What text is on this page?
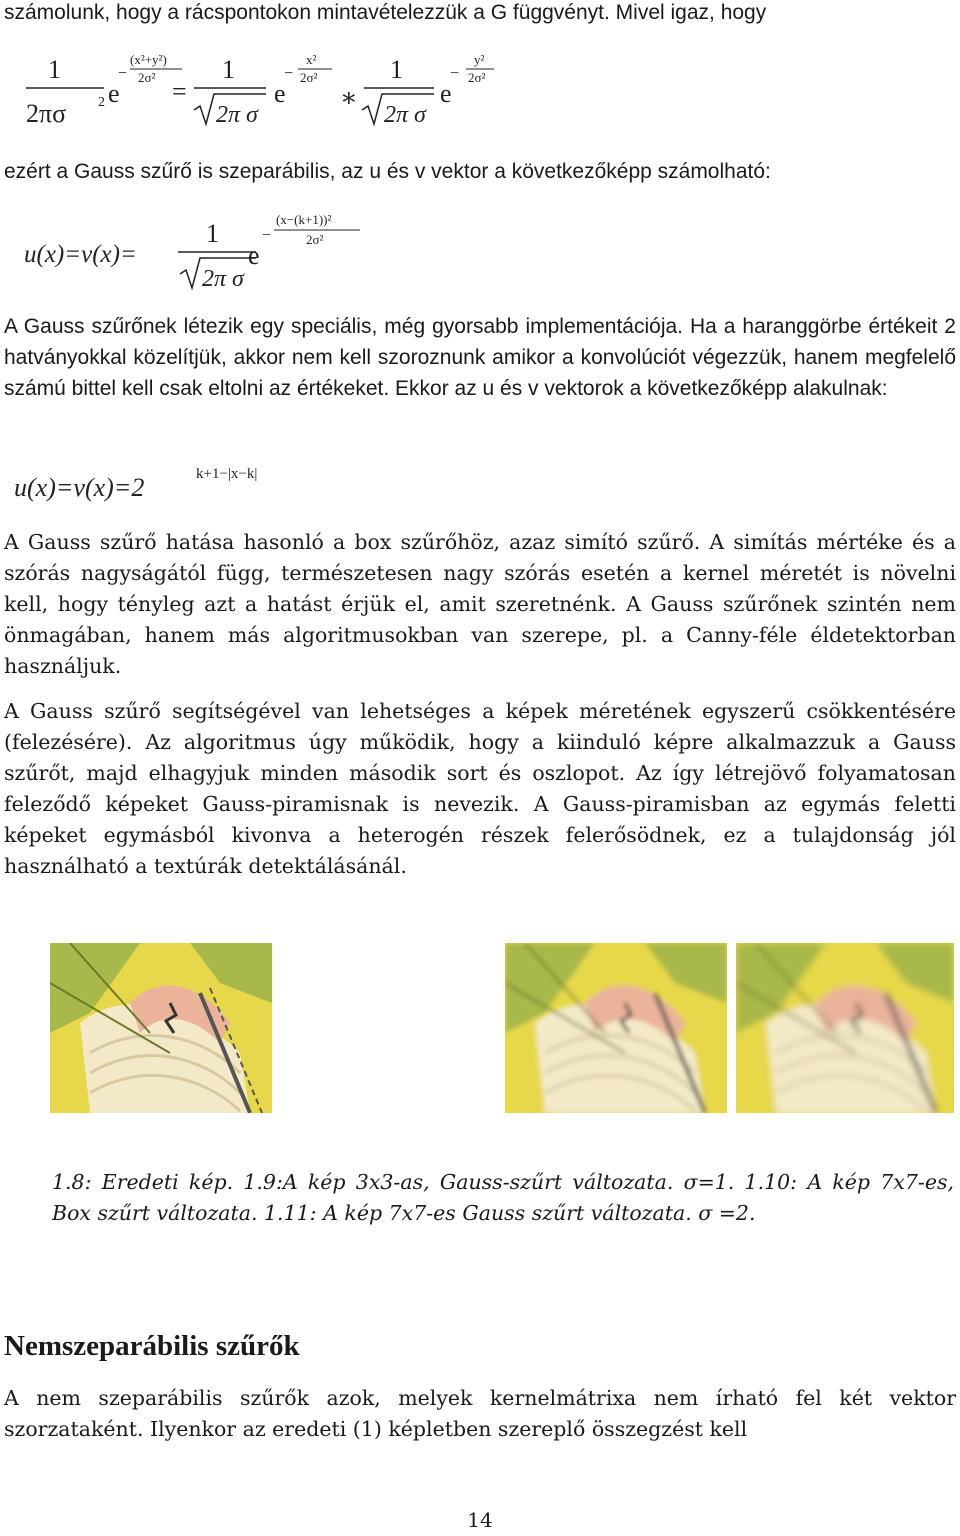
számolunk, hogy a rácspontokon mintavételezzük a G függvényt. Mivel igaz, hogy

1
2πσ 2 e
−
(x²+y²)
2σ² =
1
2π σ
e
−
x²
2σ²
∗
1
2π σ
e
−
y²
2σ²

ezért a Gauss szűrő is szeparábilis, az u és v vektor a következőképp számolható:

u(x)=v(x)=
1
2π σ
e
−
(x−(k+1))²
2σ²

A Gauss szűrőnek létezik egy speciális, még gyorsabb implementációja. Ha a haranggörbe értékeit 2 hatványokkal közelítjük, akkor nem kell szoroznunk amikor a konvolúciót végezzük, hanem megfelelő számú bittel kell csak eltolni az értékeket. Ekkor az u és v vektorok a következőképp alakulnak:

u(x)=v(x)=2	k+1−|x−k|

A Gauss szűrő hatása hasonló a box szűrőhöz, azaz simító szűrő. A simítás mértéke és a szórás nagyságától függ, természetesen nagy szórás esetén a kernel méretét is növelni kell, hogy tényleg azt a hatást érjük el, amit szeretnénk. A Gauss szűrőnek szintén nem önmagában, hanem más algoritmusokban van szerepe, pl. a Canny-féle éldetektorban használjuk.

A Gauss szűrő segítségével van lehetséges a képek méretének egyszerű csökkentésére (felezésére). Az algoritmus úgy működik, hogy a kiinduló képre alkalmazzuk a Gauss szűrőt, majd elhagyjuk minden második sort és oszlopot. Az így létrejövő folyamatosan feleződő képeket Gauss-piramisnak is nevezik. A Gauss-piramisban az egymás feletti képeket egymásból kivonva a heterogén részek felerősödnek, ez a tulajdonság jól használható a textúrák detektálásánál.

1.8: Eredeti kép. 1.9:A kép 3x3-as, Gauss-szűrt változata. σ=1. 1.10: A kép 7x7-es, Box szűrt változata. 1.11: A kép 7x7-es Gauss szűrt változata. σ =2.

Nemszeparábilis szűrők

A nem szeparábilis szűrők azok, melyek kernelmátrixa nem írható fel két vektor szorzataként. Ilyenkor az eredeti (1) képletben szereplő összegzést kell

14
